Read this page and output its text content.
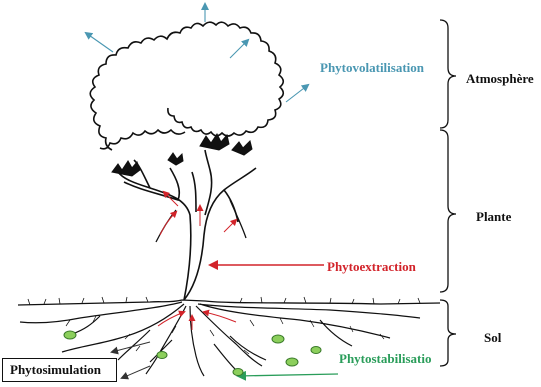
Phytovolatilisation
Phytoextraction
Phytostabilisatio
Phytosimulation
Atmosphère
Plante
Sol
